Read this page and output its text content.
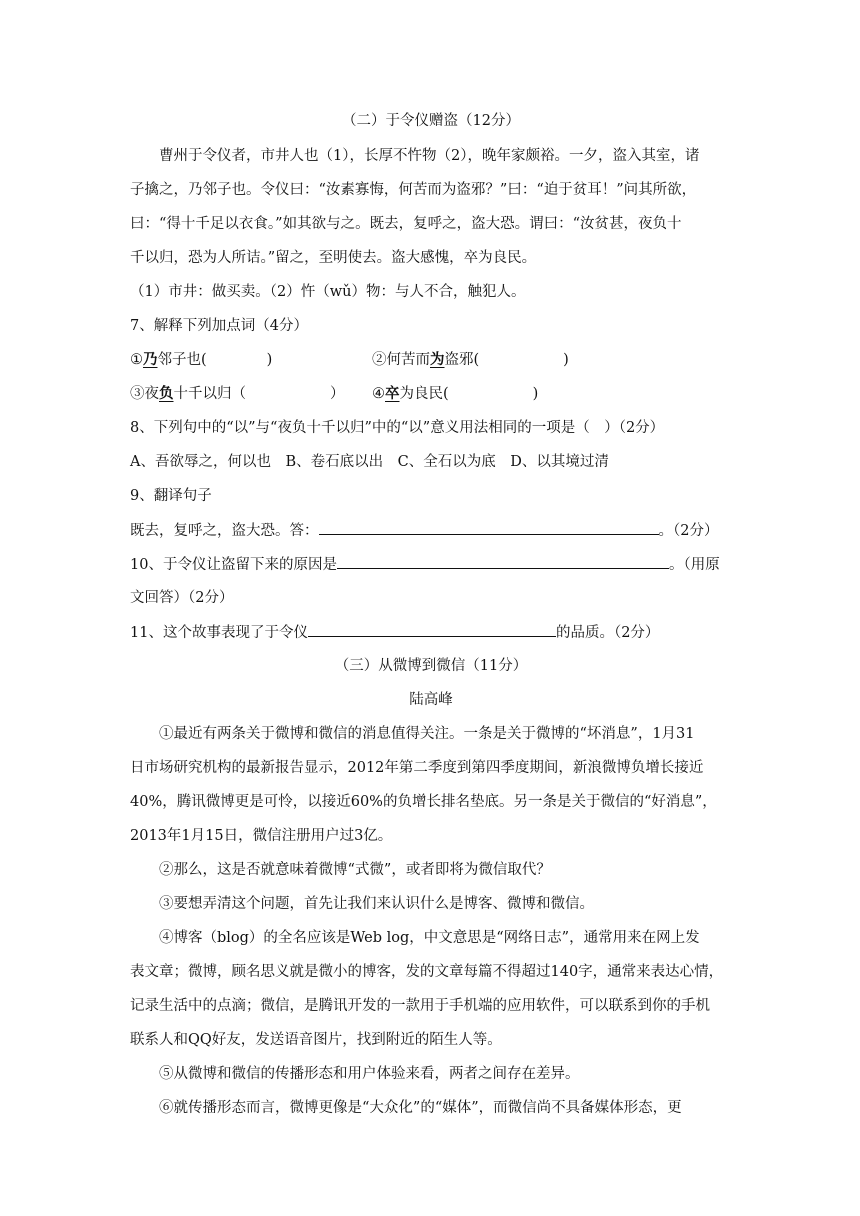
（二）于令仪赠盗（12分）
曹州于令仪者，市井人也（1），长厚不忤物（2），晚年家颇裕。一夕，盗入其室，诸
子擒之，乃邻子也。令仪曰：“汝素寡悔，何苦而为盗邪？”曰：“迫于贫耳！”问其所欲，
曰：“得十千足以衣食。”如其欲与之。既去，复呼之，盗大恐。谓曰：“汝贫甚，夜负十
千以归，恐为人所诘。”留之，至明使去。盗大感愧，卒为良民。
（1）市井：做买卖。（2）忤（wǔ）物：与人不合，触犯人。
7、解释下列加点词（4分）
①乃邻子也(	)	②何苦而为盗邪(	)
③夜负十千以归（	） ④卒为良民(	)
8、下列句中的“以”与“夜负十千以归”中的“以”意义用法相同的一项是（　）（2分）
A、吾欲辱之，何以也　B、卷石底以出　C、全石以为底　D、以其境过清
9、翻译句子
既去，复呼之，盗大恐。答：	。（2分）
10、于令仪让盗留下来的原因是	。（用原
文回答）（2分）
11、这个故事表现了于令仪	的品质。（2分）
（三）从微博到微信（11分）
陆高峰
①最近有两条关于微博和微信的消息值得关注。一条是关于微博的“坏消息”，1月31
日市场研究机构的最新报告显示，2012年第二季度到第四季度期间，新浪微博负增长接近
40%，腾讯微博更是可怜，以接近60%的负增长排名垫底。另一条是关于微信的“好消息”，
2013年1月15日，微信注册用户过3亿。
②那么，这是否就意味着微博“式微”，或者即将为微信取代？
③要想弄清这个问题，首先让我们来认识什么是博客、微博和微信。
④博客（blog）的全名应该是Web log，中文意思是“网络日志”，通常用来在网上发
表文章；微博，顾名思义就是微小的博客，发的文章每篇不得超过140字，通常来表达心情，
记录生活中的点滴；微信，是腾讯开发的一款用于手机端的应用软件，可以联系到你的手机
联系人和QQ好友，发送语音图片，找到附近的陌生人等。
⑤从微博和微信的传播形态和用户体验来看，两者之间存在差异。
⑥就传播形态而言，微博更像是“大众化”的“媒体”，而微信尚不具备媒体形态，更
